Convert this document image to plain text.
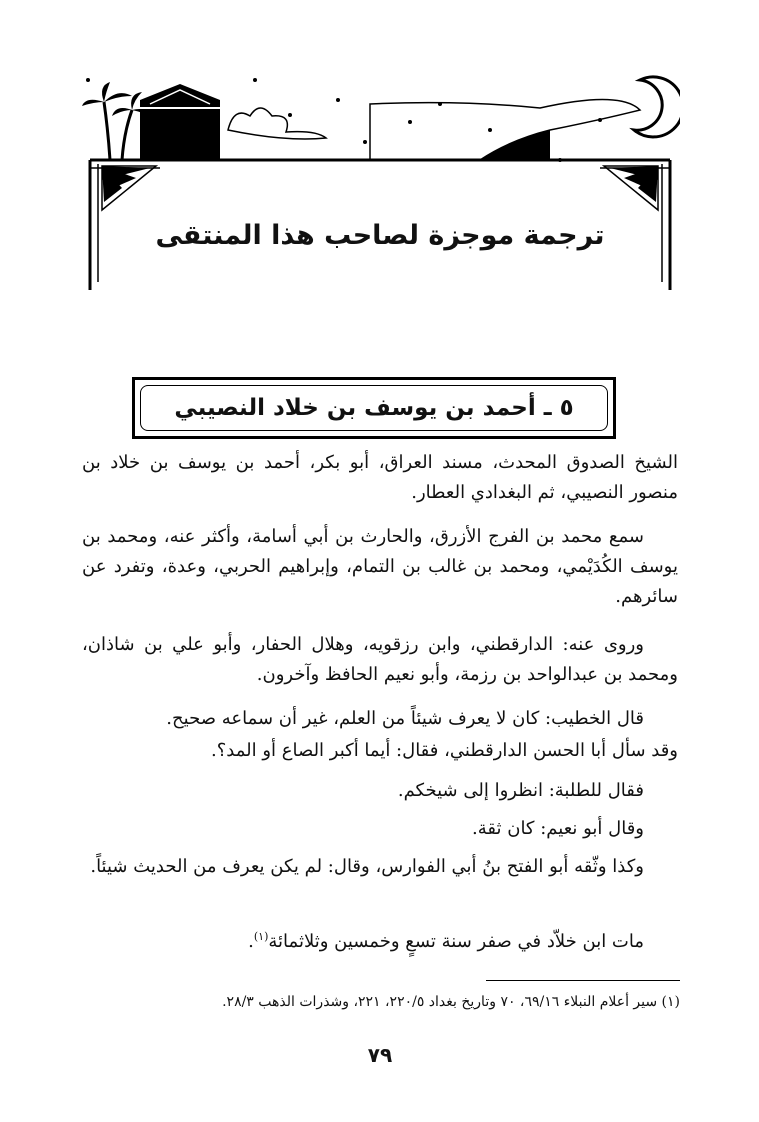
ترجمة موجزة لصاحب هذا المنتقى
٥ ـ أحمد بن يوسف بن خلاد النصيبي

الشيخ الصدوق المحدث، مسند العراق، أبو بكر، أحمد بن يوسف بن خلاد بن منصور النصيبي، ثم البغدادي العطار.

سمع محمد بن الفرج الأزرق، والحارث بن أبي أسامة، وأكثر عنه، ومحمد بن يوسف الكُدَيْمي، ومحمد بن غالب بن التمام، وإبراهيم الحربي، وعدة، وتفرد عن سائرهم.

وروى عنه: الدارقطني، وابن رزقويه، وهلال الحفار، وأبو علي بن شاذان، ومحمد بن عبدالواحد بن رزمة، وأبو نعيم الحافظ وآخرون.

قال الخطيب: كان لا يعرف شيئاً من العلم، غير أن سماعه صحيح.

وقد سأل أبا الحسن الدارقطني، فقال: أيما أكبر الصاع أو المد؟.

فقال للطلبة: انظروا إلى شيخكم.

وقال أبو نعيم: كان ثقة.

وكذا وثّقه أبو الفتح بنُ أبي الفوارس، وقال: لم يكن يعرف من الحديث شيئاً.

مات ابن خلاّد في صفر سنة تسعٍ وخمسين وثلاثمائة$^{(١)}$.

(١) سير أعلام النبلاء ٦٩/١٦، ٧٠ وتاريخ بغداد ٢٢٠/٥، ٢٢١، وشذرات الذهب ٢٨/٣.
٧٩
